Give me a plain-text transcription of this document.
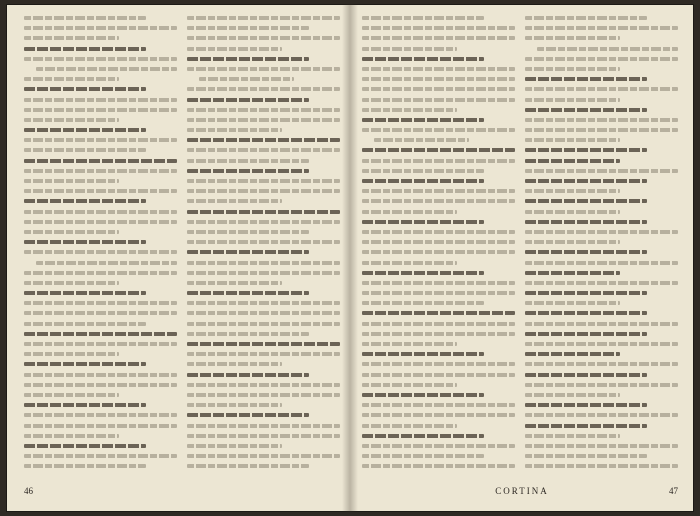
46	CORTINA	47
